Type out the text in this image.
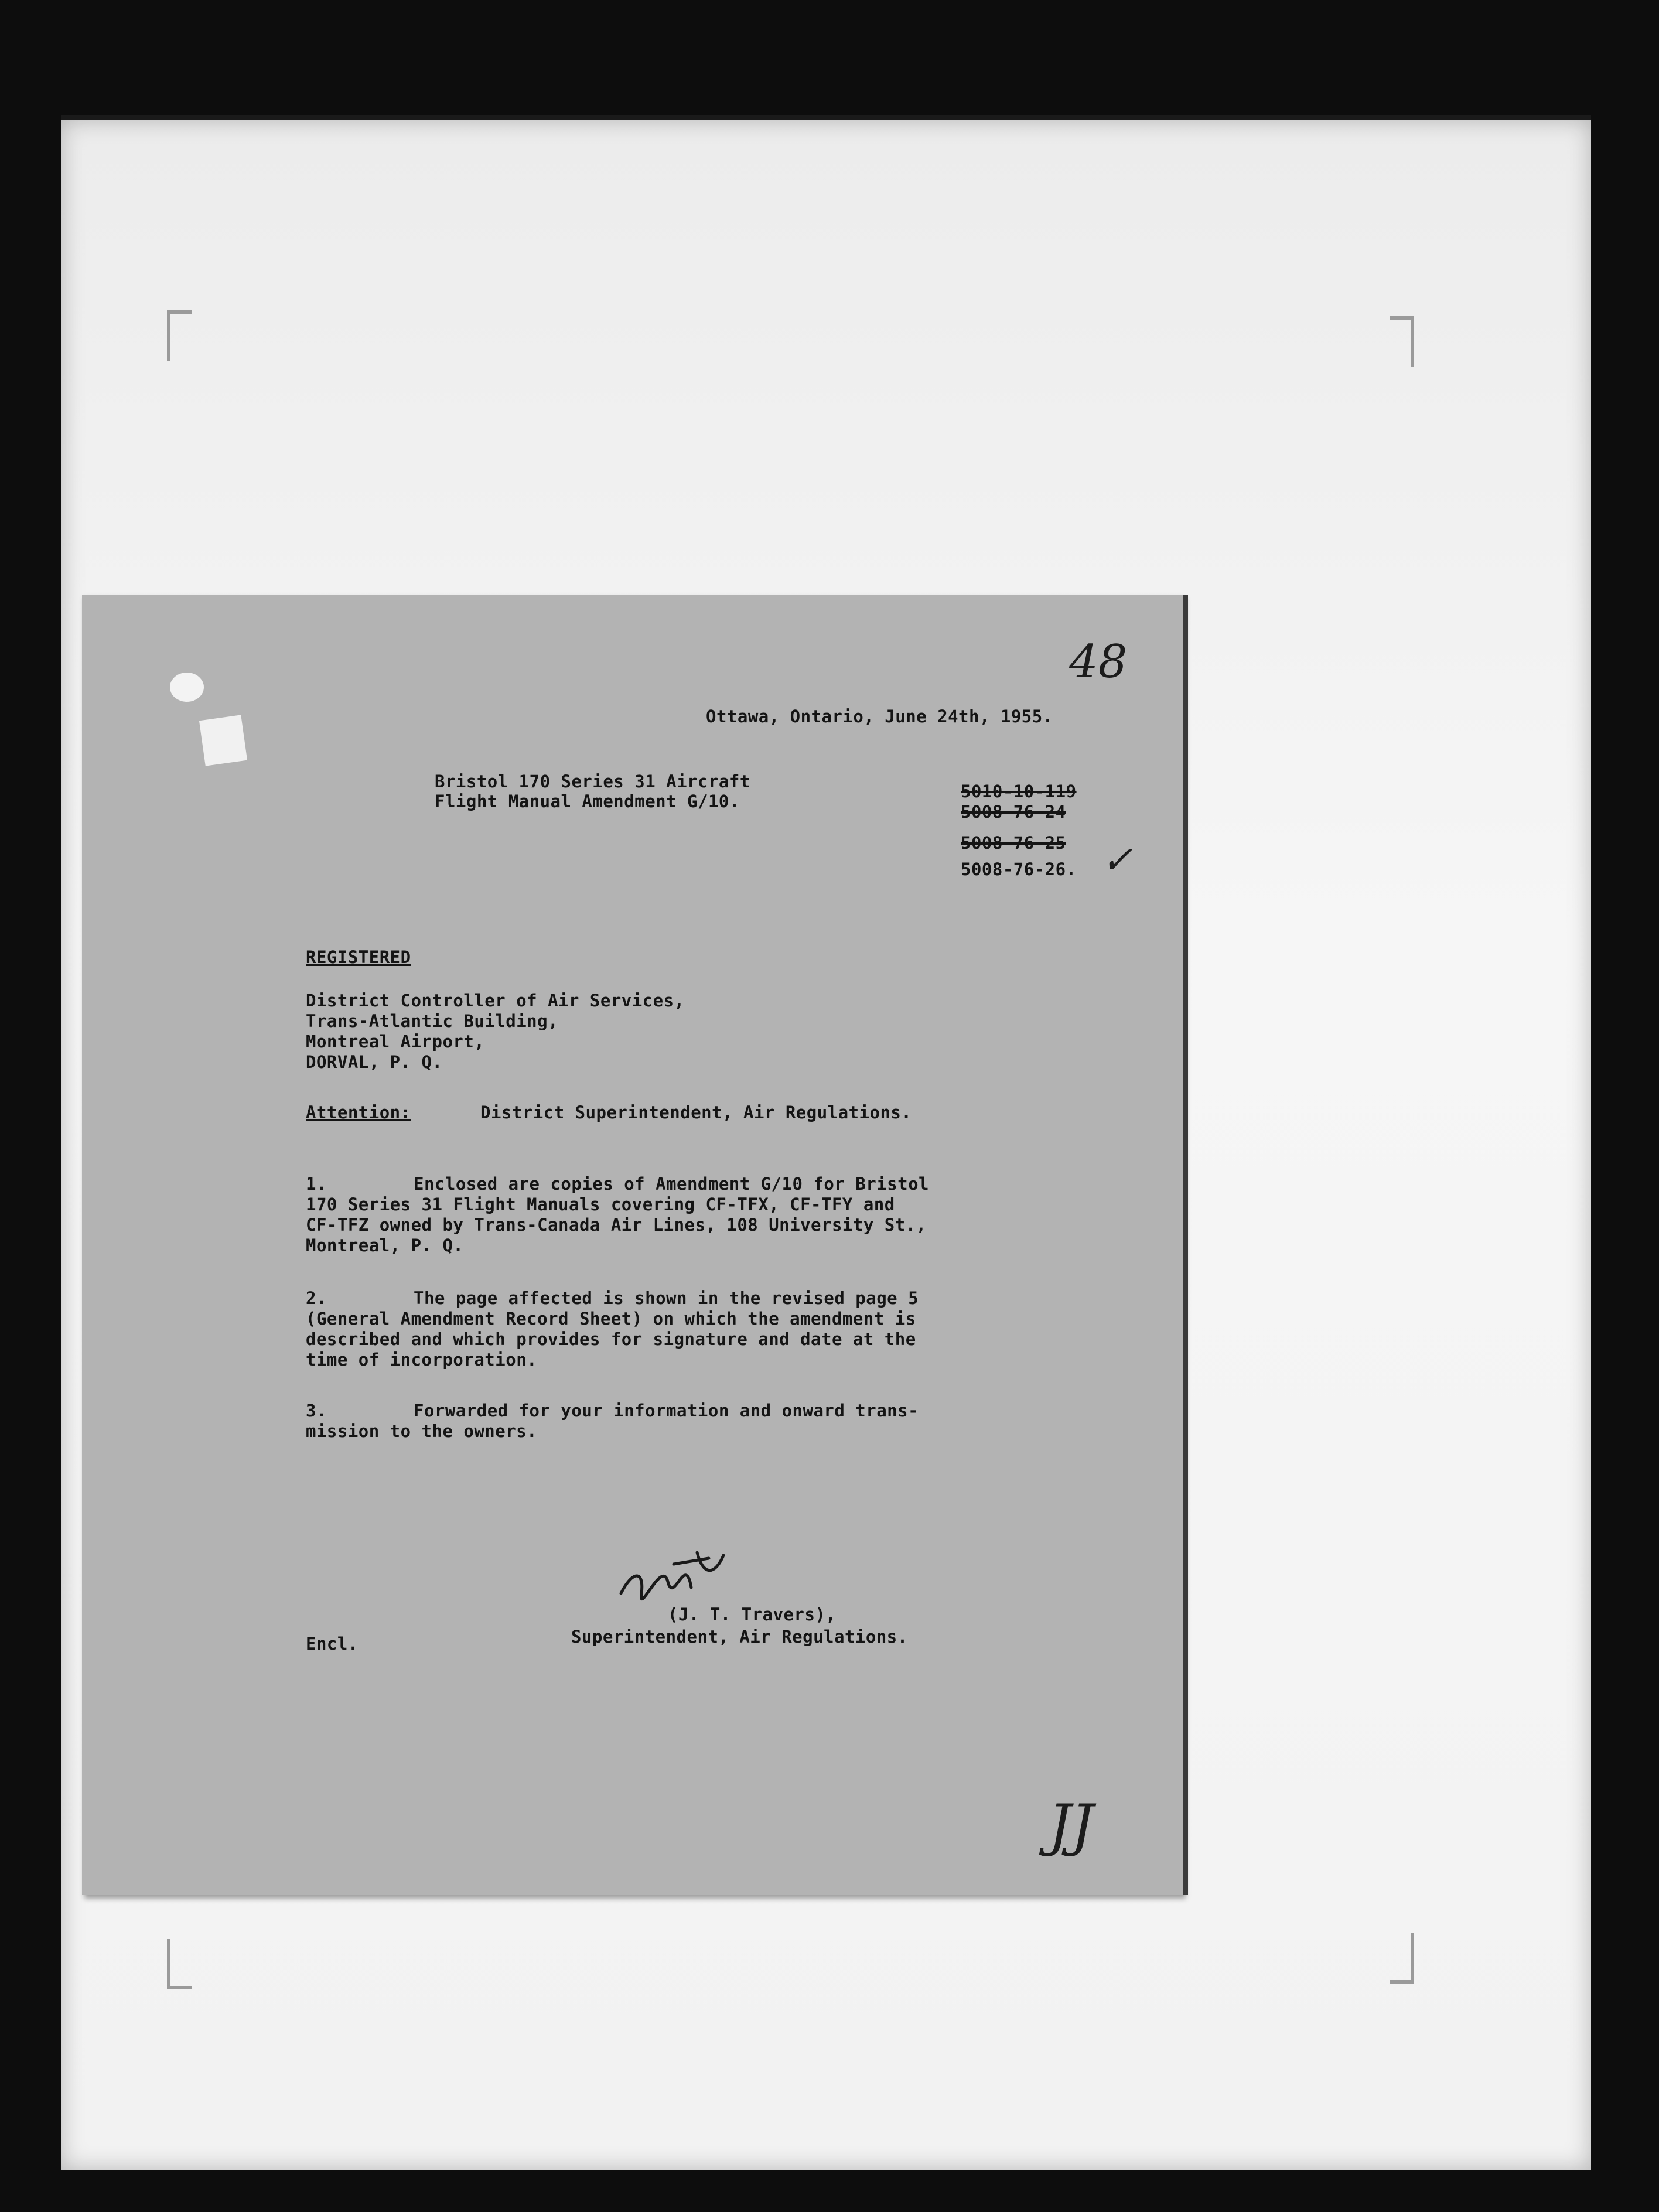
48
Ottawa, Ontario, June 24th, 1955.
Bristol 170 Series 31 Aircraft
Flight Manual Amendment G/10.	5010-10-119
5008-76-24
5008-76-25
5008-76-26. ✓
REGISTERED
District Controller of Air Services,
Trans-Atlantic Building,
Montreal Airport,
DORVAL, P. Q.
Attention:	District Superintendent, Air Regulations.
1.	Enclosed are copies of Amendment G/10 for Bristol
170 Series 31 Flight Manuals covering CF-TFX, CF-TFY and
CF-TFZ owned by Trans-Canada Air Lines, 108 University St.,
Montreal, P. Q.
2.	The page affected is shown in the revised page 5
(General Amendment Record Sheet) on which the amendment is
described and which provides for signature and date at the
time of incorporation.
3.	Forwarded for your information and onward trans-
mission to the owners.
Encl.
(J. T. Travers),
Superintendent, Air Regulations.
JJ
